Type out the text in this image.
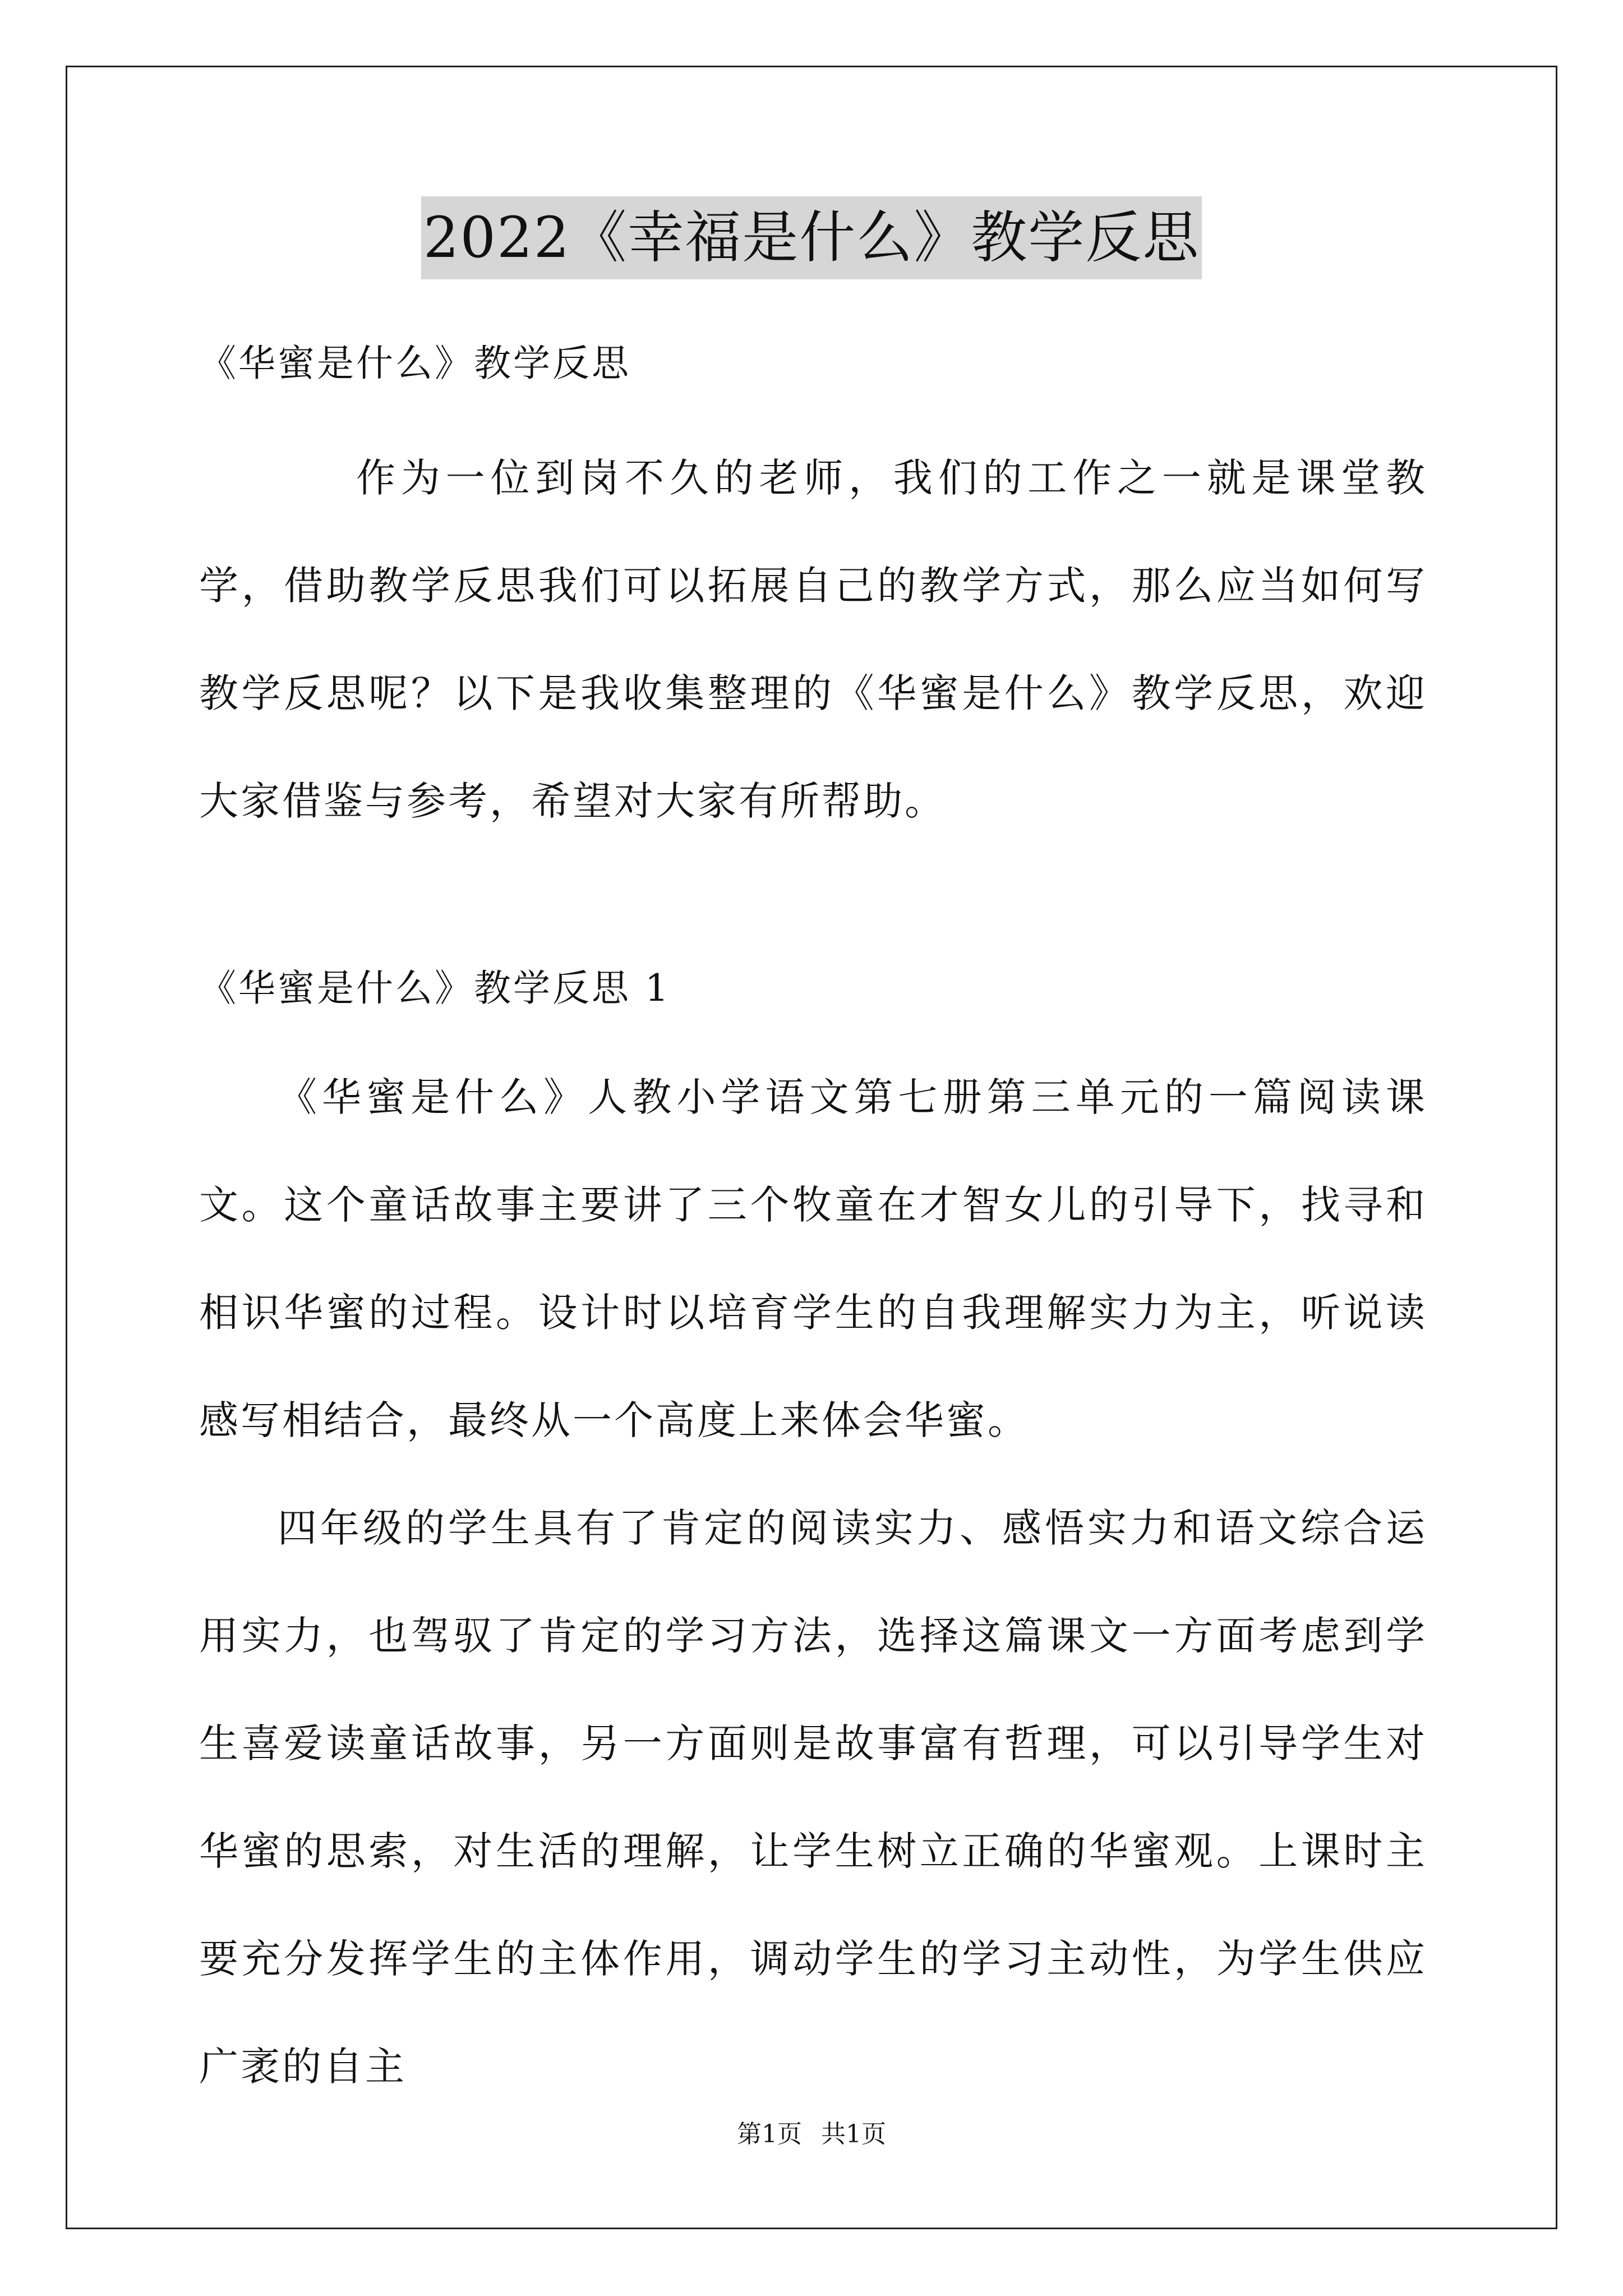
2022《幸福是什么》教学反思

《华蜜是什么》教学反思

作为一位到岗不久的老师，我们的工作之一就是课堂教学，借助教学反思我们可以拓展自己的教学方式，那么应当如何写教学反思呢？以下是我收集整理的《华蜜是什么》教学反思，欢迎大家借鉴与参考，希望对大家有所帮助。

《华蜜是什么》教学反思 1

《华蜜是什么》人教小学语文第七册第三单元的一篇阅读课文。这个童话故事主要讲了三个牧童在才智女儿的引导下，找寻和相识华蜜的过程。设计时以培育学生的自我理解实力为主，听说读感写相结合，最终从一个高度上来体会华蜜。

四年级的学生具有了肯定的阅读实力、感悟实力和语文综合运用实力，也驾驭了肯定的学习方法，选择这篇课文一方面考虑到学生喜爱读童话故事，另一方面则是故事富有哲理，可以引导学生对华蜜的思索，对生活的理解，让学生树立正确的华蜜观。上课时主要充分发挥学生的主体作用，调动学生的学习主动性，为学生供应广袤的自主

第1页 共1页
